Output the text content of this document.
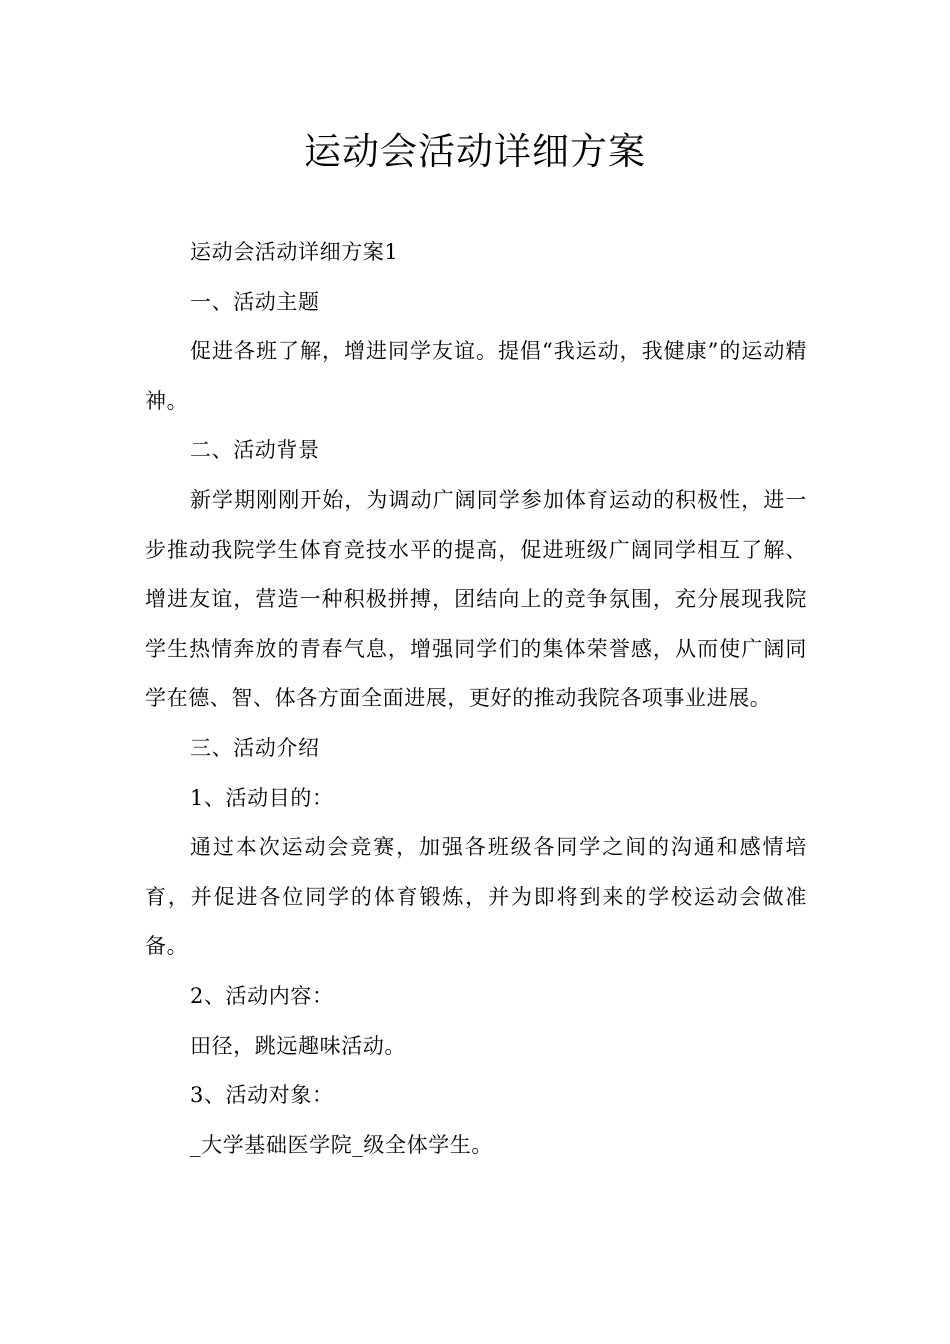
运动会活动详细方案

运动会活动详细方案1

一、活动主题

促进各班了解，增进同学友谊。提倡“我运动，我健康”的运动精神。

二、活动背景

新学期刚刚开始，为调动广阔同学参加体育运动的积极性，进一步推动我院学生体育竞技水平的提高，促进班级广阔同学相互了解、增进友谊，营造一种积极拼搏，团结向上的竞争氛围，充分展现我院学生热情奔放的青春气息，增强同学们的集体荣誉感，从而使广阔同学在德、智、体各方面全面进展，更好的推动我院各项事业进展。

三、活动介绍

1、活动目的：

通过本次运动会竞赛，加强各班级各同学之间的沟通和感情培育，并促进各位同学的体育锻炼，并为即将到来的学校运动会做准备。

2、活动内容：

田径，跳远趣味活动。

3、活动对象：

_大学基础医学院_级全体学生。
